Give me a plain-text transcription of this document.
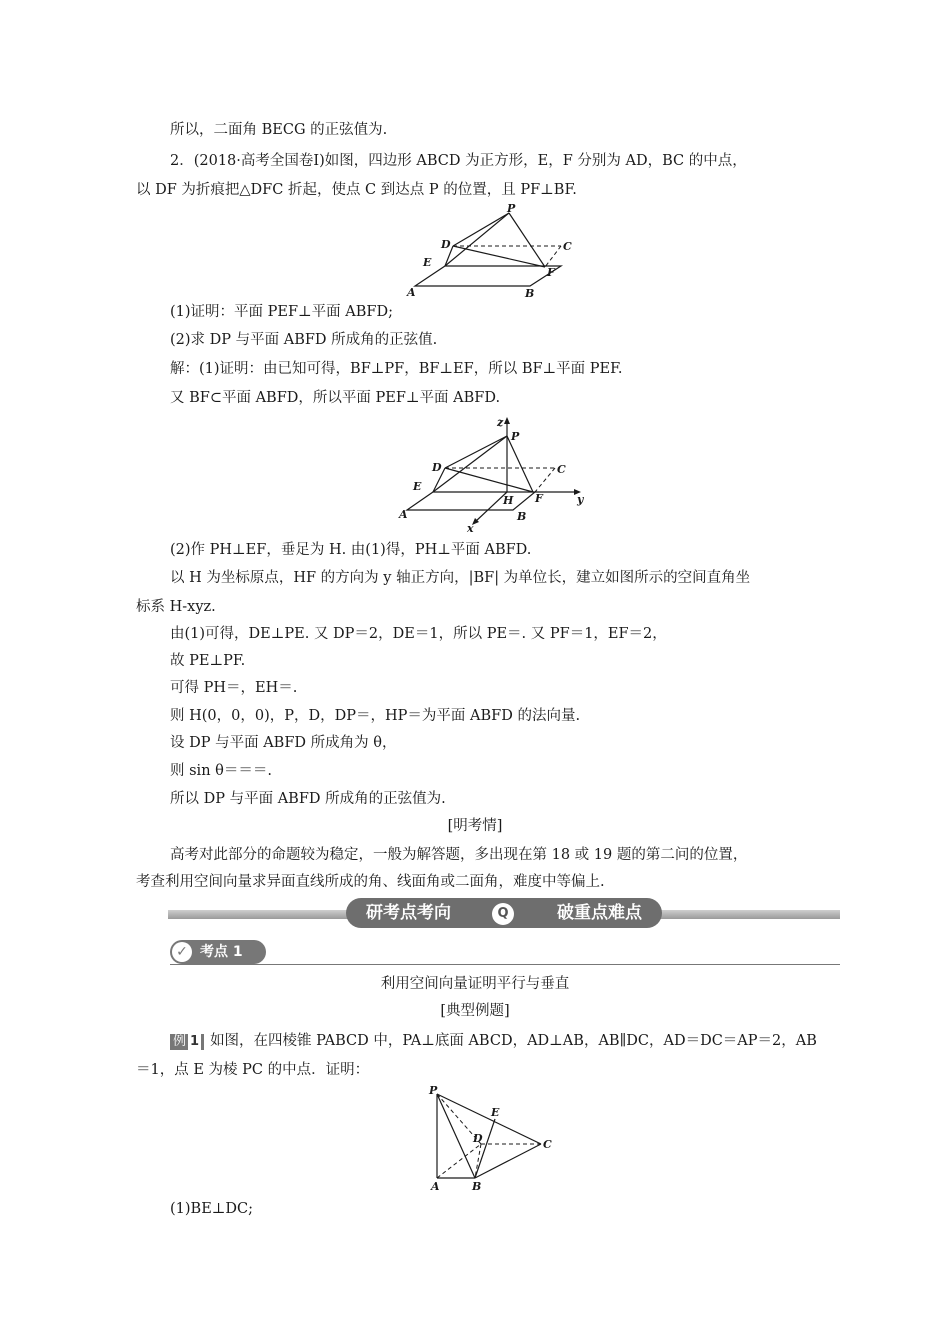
所以，二面角 BECG 的正弦值为.
2．(2018·高考全国卷Ⅰ)如图，四边形 ABCD 为正方形，E，F 分别为 AD，BC 的中点，
以 DF 为折痕把△DFC 折起，使点 C 到达点 P 的位置，且 PF⊥BF.
P
D	C
E
F
A	B
(1)证明：平面 PEF⊥平面 ABFD;
(2)求 DP 与平面 ABFD 所成角的正弦值.
解：(1)证明：由已知可得，BF⊥PF，BF⊥EF，所以 BF⊥平面 PEF.
又 BF⊂平面 ABFD，所以平面 PEF⊥平面 ABFD.
z
P
D	C
E
H F	y
A	B
x
(2)作 PH⊥EF，垂足为 H. 由(1)得，PH⊥平面 ABFD.
以 H 为坐标原点，HF 的方向为 y 轴正方向，|BF| 为单位长，建立如图所示的空间直角坐
标系 H-xyz.
由(1)可得，DE⊥PE. 又 DP＝2，DE＝1，所以 PE＝. 又 PF＝1，EF＝2，
故 PE⊥PF.
可得 PH＝，EH＝.
则 H(0，0，0)，P，D，DP＝，HP＝为平面 ABFD 的法向量.
设 DP 与平面 ABFD 所成角为 θ，
则 sin θ＝＝＝.
所以 DP 与平面 ABFD 所成角的正弦值为.
[明考情]
高考对此部分的命题较为稳定，一般为解答题，多出现在第 18 或 19 题的第二问的位置，
考查利用空间向量求异面直线所成的角、线面角或二面角，难度中等偏上.
研考点考向	Q	破重点难点
✓ 考点 1
利用空间向量证明平行与垂直
[典型例题]
例 1 如图，在四棱锥 PABCD 中，PA⊥底面 ABCD，AD⊥AB，AB∥DC，AD＝DC＝AP＝2，AB
＝1，点 E 为棱 PC 的中点．证明：
P
E
D	C
A	B
(1)BE⊥DC;
